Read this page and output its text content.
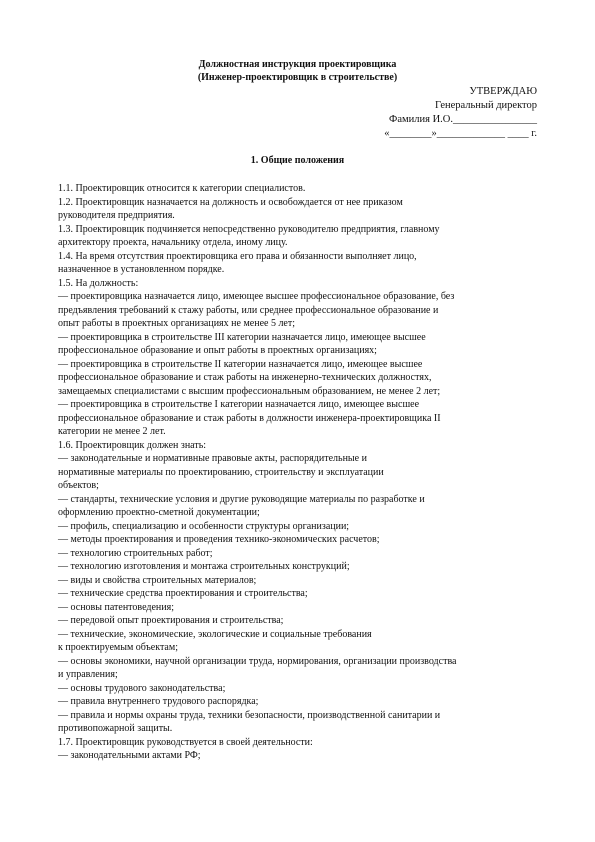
Должностная инструкция проектировщика
(Инженер-проектировщик в строительстве)
УТВЕРЖДАЮ
Генеральный директор
Фамилия И.О.________________
«________»_____________ ____ г.
1. Общие положения

1.1. Проектировщик относится к категории специалистов.

1.2. Проектировщик назначается на должность и освобождается от нее приказом

руководителя предприятия.

1.3. Проектировщик подчиняется непосредственно руководителю предприятия, главному

архитектору проекта, начальнику отдела, иному лицу.

1.4. На время отсутствия проектировщика его права и обязанности выполняет лицо,

назначенное в установленном порядке.

1.5. На должность:

— проектировщика назначается лицо, имеющее высшее профессиональное образование, без

предъявления требований к стажу работы, или среднее профессиональное образование и

опыт работы в проектных организациях не менее 5 лет;

— проектировщика в строительстве III категории назначается лицо, имеющее высшее

профессиональное образование и опыт работы в проектных организациях;

— проектировщика в строительстве II категории назначается лицо, имеющее высшее

профессиональное образование и стаж работы на инженерно-технических должностях,

замещаемых специалистами с высшим профессиональным образованием, не менее 2 лет;

— проектировщика в строительстве I категории назначается лицо, имеющее высшее

профессиональное образование и стаж работы в должности инженера-проектировщика II

категории не менее 2 лет.

1.6. Проектировщик должен знать:

— законодательные и нормативные правовые акты, распорядительные и

нормативные материалы по проектированию, строительству и эксплуатации

объектов;

— стандарты, технические условия и другие руководящие материалы по разработке и

оформлению проектно-сметной документации;

— профиль, специализацию и особенности структуры организации;

— методы проектирования и проведения технико-экономических расчетов;

— технологию строительных работ;

— технологию изготовления и монтажа строительных конструкций;

— виды и свойства строительных материалов;

— технические средства проектирования и строительства;

— основы патентоведения;

— передовой опыт проектирования и строительства;

— технические, экономические, экологические и социальные требования

к проектируемым объектам;

— основы экономики, научной организации труда, нормирования, организации производства

и управления;

— основы трудового законодательства;

— правила внутреннего трудового распорядка;

— правила и нормы охраны труда, техники безопасности, производственной санитарии и

противопожарной защиты.

1.7. Проектировщик руководствуется в своей деятельности:

— законодательными актами РФ;
